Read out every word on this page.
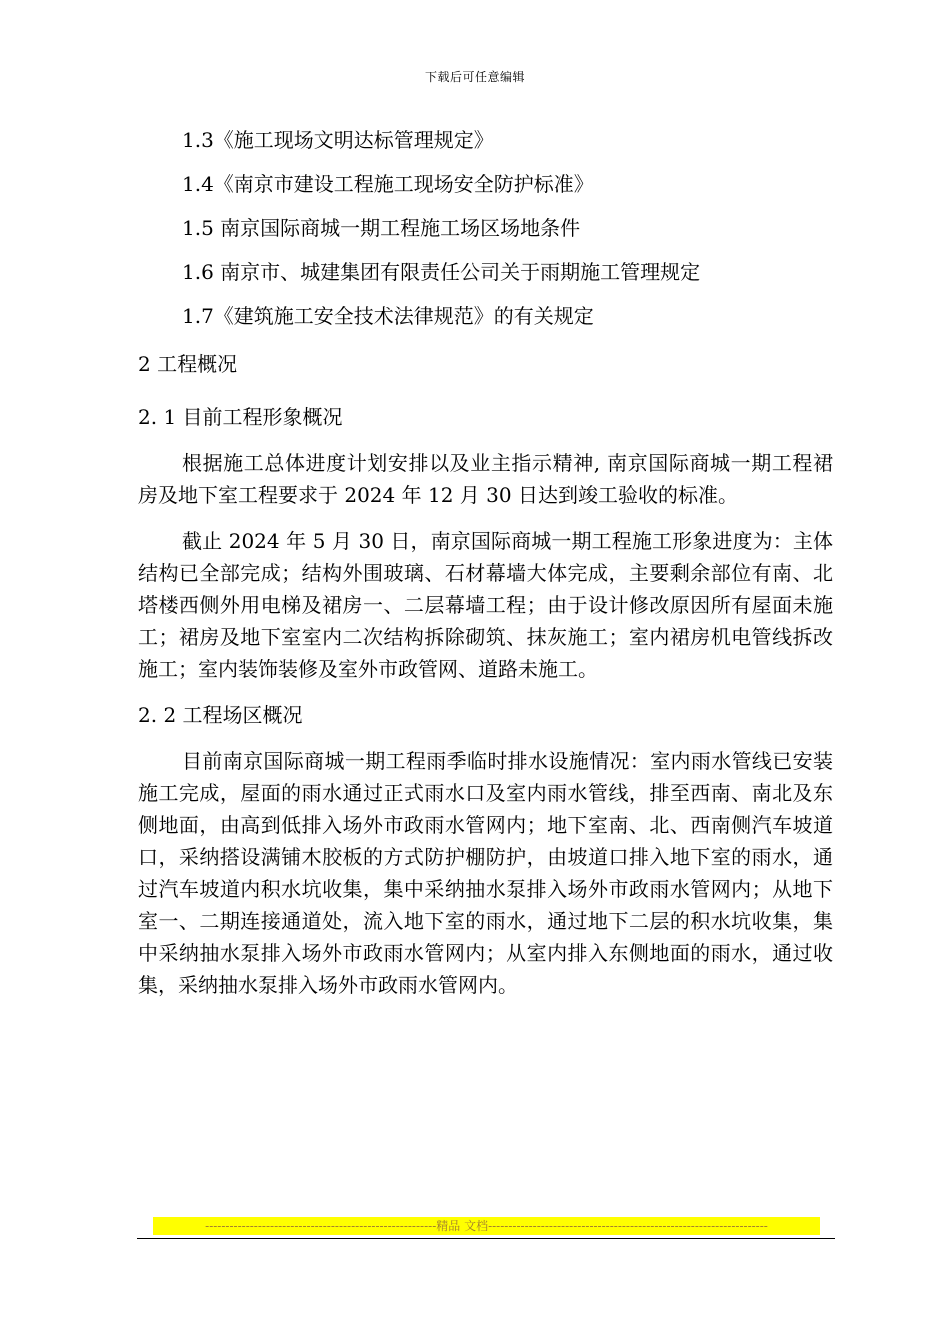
下载后可任意编辑

1.3《施工现场文明达标管理规定》

1.4《南京市建设工程施工现场安全防护标准》

1.5 南京国际商城一期工程施工场区场地条件

1.6 南京市、城建集团有限责任公司关于雨期施工管理规定

1.7《建筑施工安全技术法律规范》的有关规定

2 工程概况
2. 1 目前工程形象概况

根据施工总体进度计划安排以及业主指示精神, 南京国际商城一期工程裙房及地下室工程要求于 2024 年 12 月 30 日达到竣工验收的标准。

截止 2024 年 5 月 30 日，南京国际商城一期工程施工形象进度为：主体结构已全部完成；结构外围玻璃、石材幕墙大体完成，主要剩余部位有南、北塔楼西侧外用电梯及裙房一、二层幕墙工程；由于设计修改原因所有屋面未施工；裙房及地下室室内二次结构拆除砌筑、抹灰施工；室内裙房机电管线拆改施工；室内装饰装修及室外市政管网、道路未施工。

2. 2 工程场区概况

目前南京国际商城一期工程雨季临时排水设施情况：室内雨水管线已安装施工完成，屋面的雨水通过正式雨水口及室内雨水管线，排至西南、南北及东侧地面，由高到低排入场外市政雨水管网内；地下室南、北、西南侧汽车坡道口，采纳搭设满铺木胶板的方式防护棚防护，由坡道口排入地下室的雨水，通过汽车坡道内积水坑收集，集中采纳抽水泵排入场外市政雨水管网内；从地下室一、二期连接通道处，流入地下室的雨水，通过地下二层的积水坑收集，集中采纳抽水泵排入场外市政雨水管网内；从室内排入东侧地面的雨水，通过收集，采纳抽水泵排入场外市政雨水管网内。

---------------------------------------------------------精品 文档---------------------------------------------------------------------
